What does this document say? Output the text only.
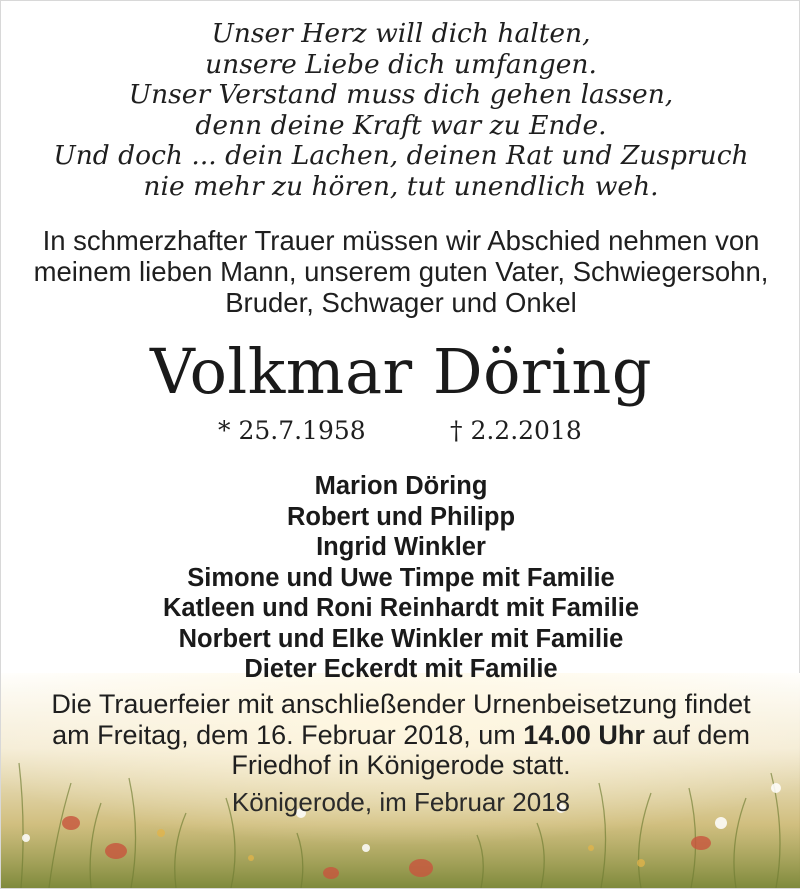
Unser Herz will dich halten,
unsere Liebe dich umfangen.
Unser Verstand muss dich gehen lassen,
denn deine Kraft war zu Ende.
Und doch ... dein Lachen, deinen Rat und Zuspruch
nie mehr zu hören, tut unendlich weh.
In schmerzhafter Trauer müssen wir Abschied nehmen von
meinem lieben Mann, unserem guten Vater, Schwiegersohn,
Bruder, Schwager und Onkel
Volkmar Döring
* 25.7.1958	† 2.2.2018
Marion Döring
Robert und Philipp
Ingrid Winkler
Simone und Uwe Timpe mit Familie
Katleen und Roni Reinhardt mit Familie
Norbert und Elke Winkler mit Familie
Dieter Eckerdt mit Familie
Die Trauerfeier mit anschließender Urnenbeisetzung findet
am Freitag, dem 16. Februar 2018, um 14.00 Uhr auf dem
Friedhof in Königerode statt.
Königerode, im Februar 2018
